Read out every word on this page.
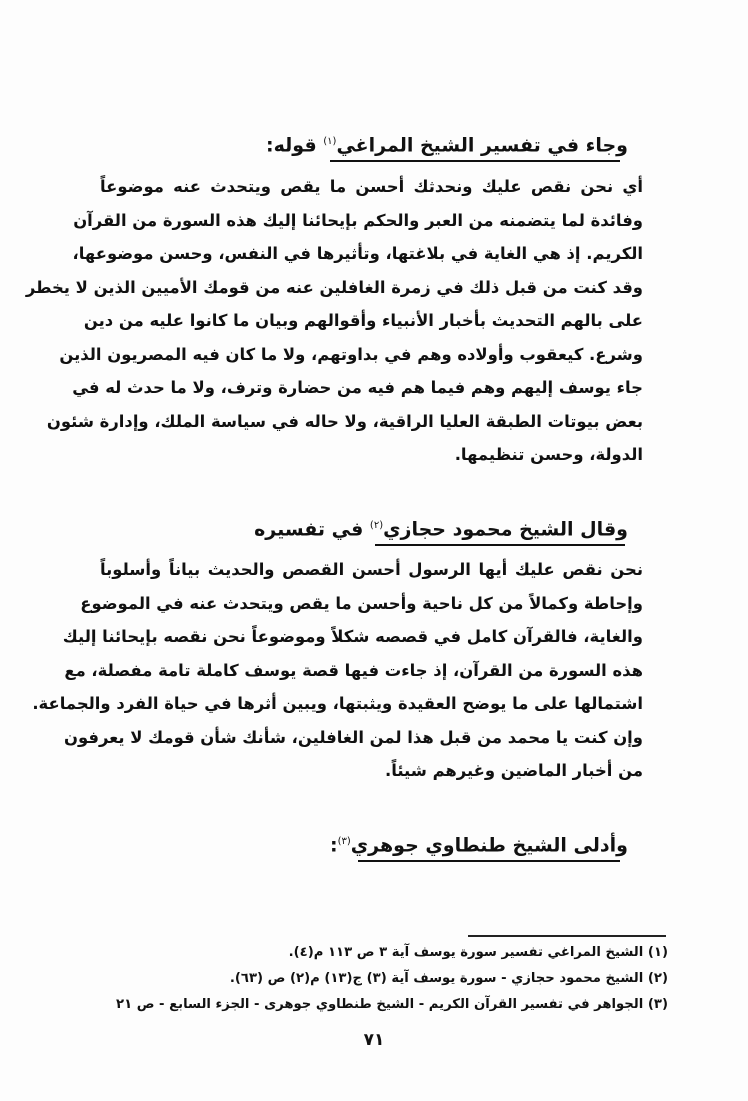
وجاء في تفسير الشيخ المراغي$^{(١)}$ قوله:
أي نحن نقص عليك ونحدثك أحسن ما يقص ويتحدث عنه موضوعاً
وفائدة لما يتضمنه من العبر والحكم بإيحائنا إليك هذه السورة من القرآن
الكريم. إذ هي الغاية في بلاغتها، وتأثيرها في النفس، وحسن موضوعها،
وقد كنت من قبل ذلك في زمرة الغافلين عنه من قومك الأميين الذين لا يخطر
على بالهم التحديث بأخبار الأنبياء وأقوالهم وبيان ما كانوا عليه من دين
وشرع. كيعقوب وأولاده وهم في بداوتهم، ولا ما كان فيه المصريون الذين
جاء يوسف إليهم وهم فيما هم فيه من حضارة وترف، ولا ما حدث له في
بعض بيوتات الطبقة العليا الراقية، ولا حاله في سياسة الملك، وإدارة شئون
الدولة، وحسن تنظيمها.
وقال الشيخ محمود حجازي$^{(٢)}$ في تفسيره
نحن نقص عليك أيها الرسول أحسن القصص والحديث بياناً وأسلوباً
وإحاطة وكمالاً من كل ناحية وأحسن ما يقص ويتحدث عنه في الموضوع
والغاية، فالقرآن كامل في قصصه شكلاً وموضوعاً نحن نقصه بإيحائنا إليك
هذه السورة من القرآن، إذ جاءت فيها قصة يوسف كاملة تامة مفصلة، مع
اشتمالها على ما يوضح العقيدة ويثبتها، ويبين أثرها في حياة الفرد والجماعة.
وإن كنت يا محمد من قبل هذا لمن الغافلين، شأنك شأن قومك لا يعرفون
من أخبار الماضين وغيرهم شيئاً.
وأدلى الشيخ طنطاوي جوهري$^{(٣)}$:
(١) الشيخ المراغي تفسير سورة يوسف آية ٣ ص ١١٣ م(٤).
(٢) الشيخ محمود حجازي - سورة يوسف آية (٣) ج(١٣) م(٢) ص (٦٣).
(٣) الجواهر في تفسير القرآن الكريم - الشيخ طنطاوي جوهرى - الجزء السابع - ص ٢١
٧١
